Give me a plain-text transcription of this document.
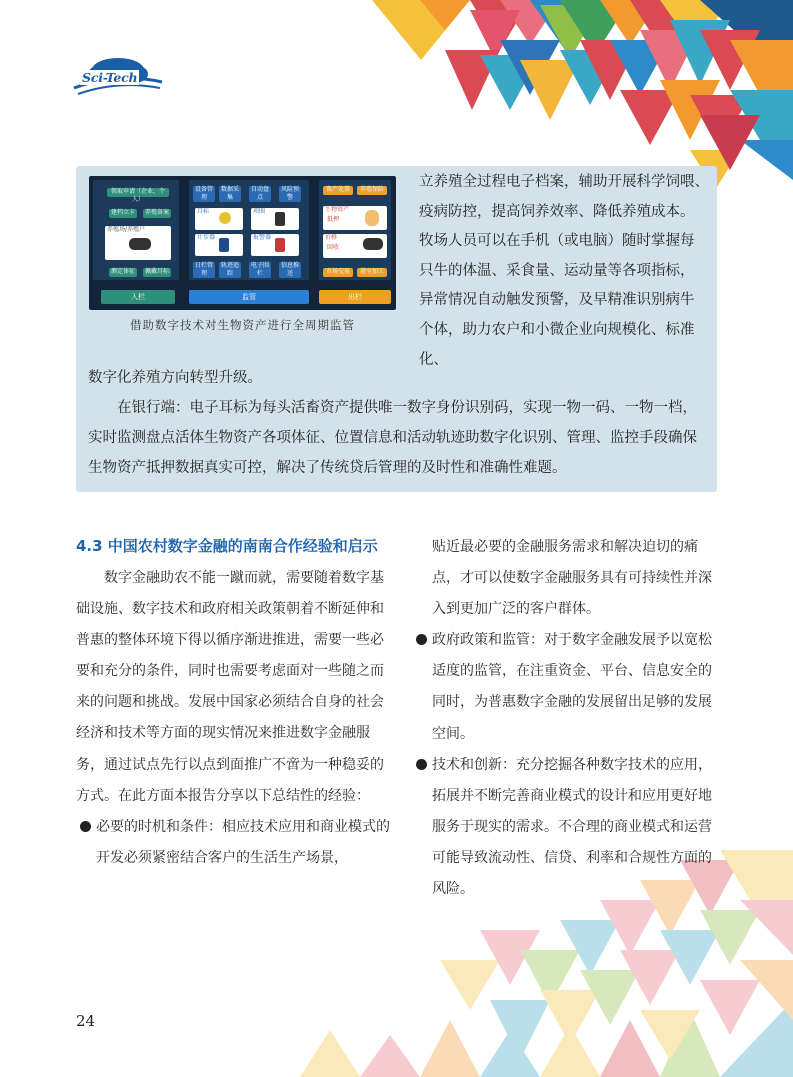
Sci-Tech
领取申请（企业、个人）
建档立卡	养殖备案
养殖场/养殖户
测定体征	佩戴耳标
设备管理
数据采集
自动盘点
风险预警
耳标	项圈
计步器	报警器
日栏管理
轨迹追踪
电子围栏
信息推送
资产处置	养殖保险
生物资产
抵押
价格
回收
市场交易	屠宰加工
入栏	监管	出栏
借助数字技术对生物资产进行全周期监管
立养殖全过程电子档案，辅助开展科学饲喂、
疫病防控，提高饲养效率、降低养殖成本。
牧场人员可以在手机（或电脑）随时掌握每
只牛的体温、采食量、运动量等各项指标，
异常情况自动触发预警，及早精准识别病牛
个体，助力农户和小微企业向规模化、标准化、
数字化养殖方向转型升级。
在银行端：电子耳标为每头活畜资产提供唯一数字身份识别码，实现一物一码、一物一档，
实时监测盘点活体生物资产各项体征、位置信息和活动轨迹助数字化识别、管理、监控手段确保
生物资产抵押数据真实可控，解决了传统贷后管理的及时性和准确性难题。
4.3 中国农村数字金融的南南合作经验和启示

数字金融助农不能一蹴而就，需要随着数字基础设施、数字技术和政府相关政策朝着不断延伸和普惠的整体环境下得以循序渐进推进，需要一些必要和充分的条件，同时也需要考虑面对一些随之而来的问题和挑战。发展中国家必须结合自身的社会经济和技术等方面的现实情况来推进数字金融服务，通过试点先行以点到面推广不啻为一种稳妥的方式。在此方面本报告分享以下总结性的经验：

必要的时机和条件：相应技术应用和商业模式的开发必须紧密结合客户的生活生产场景，

贴近最必要的金融服务需求和解决迫切的痛点，才可以使数字金融服务具有可持续性并深入到更加广泛的客户群体。

政府政策和监管：对于数字金融发展予以宽松适度的监管，在注重资金、平台、信息安全的同时，为普惠数字金融的发展留出足够的发展空间。
技术和创新：充分挖掘各种数字技术的应用，拓展并不断完善商业模式的设计和应用更好地服务于现实的需求。不合理的商业模式和运营可能导致流动性、信贷、利率和合规性方面的风险。
24
